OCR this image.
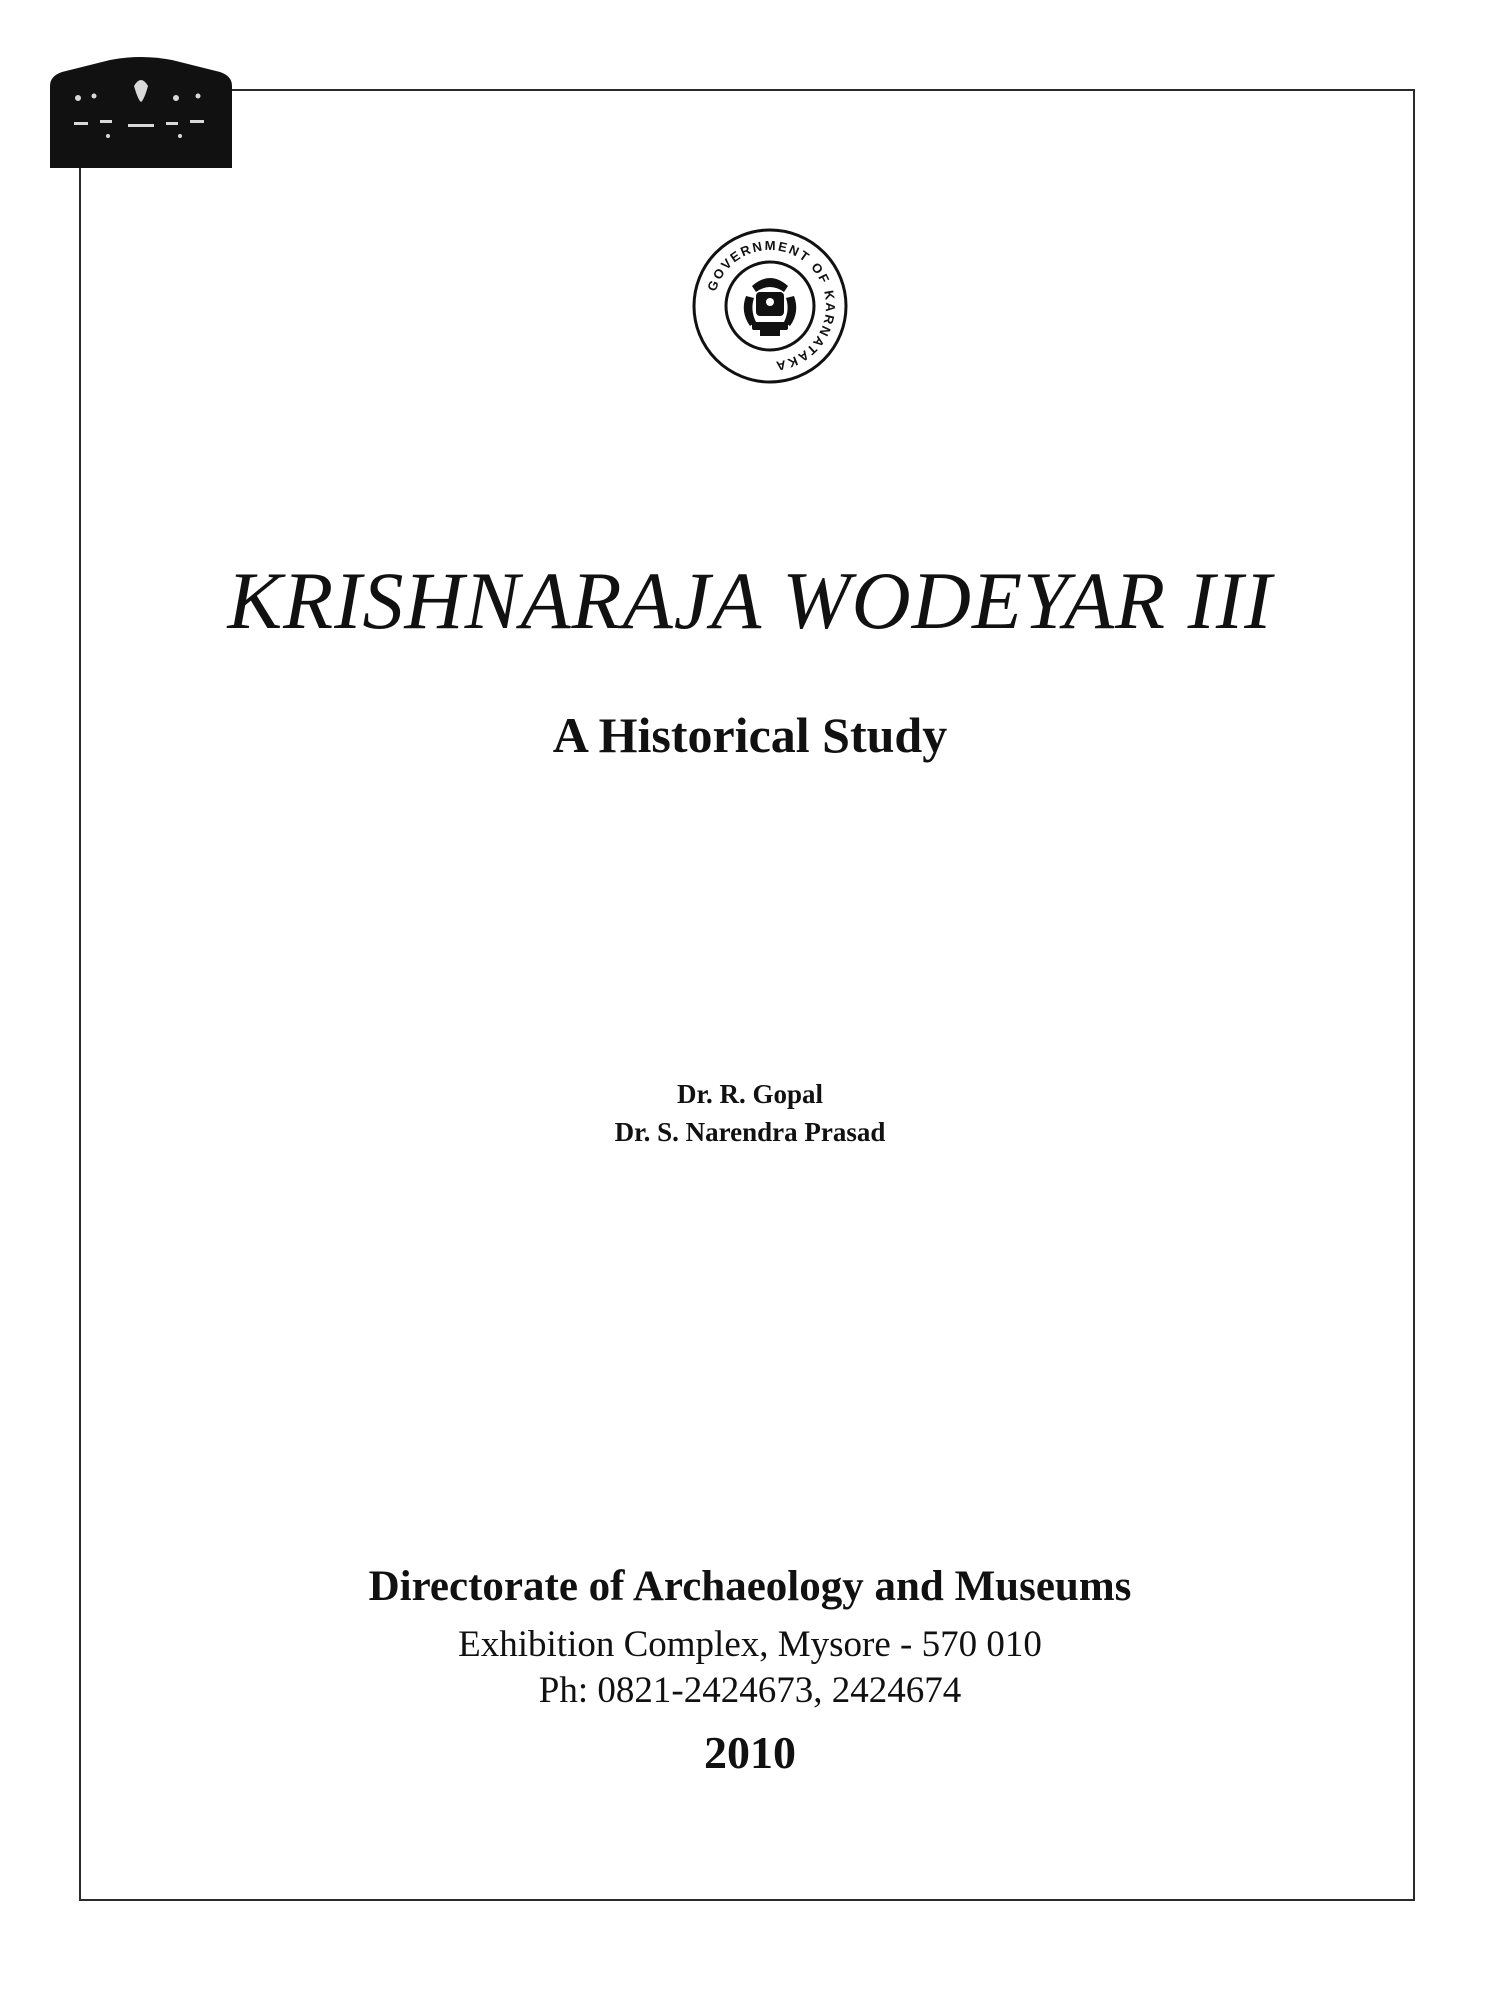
GOVERNMENT OF KARNATAKA
KRISHNARAJA WODEYAR III
A Historical Study
Dr. R. Gopal
Dr. S. Narendra Prasad
Directorate of Archaeology and Museums
Exhibition Complex, Mysore - 570 010
Ph: 0821-2424673, 2424674
2010
